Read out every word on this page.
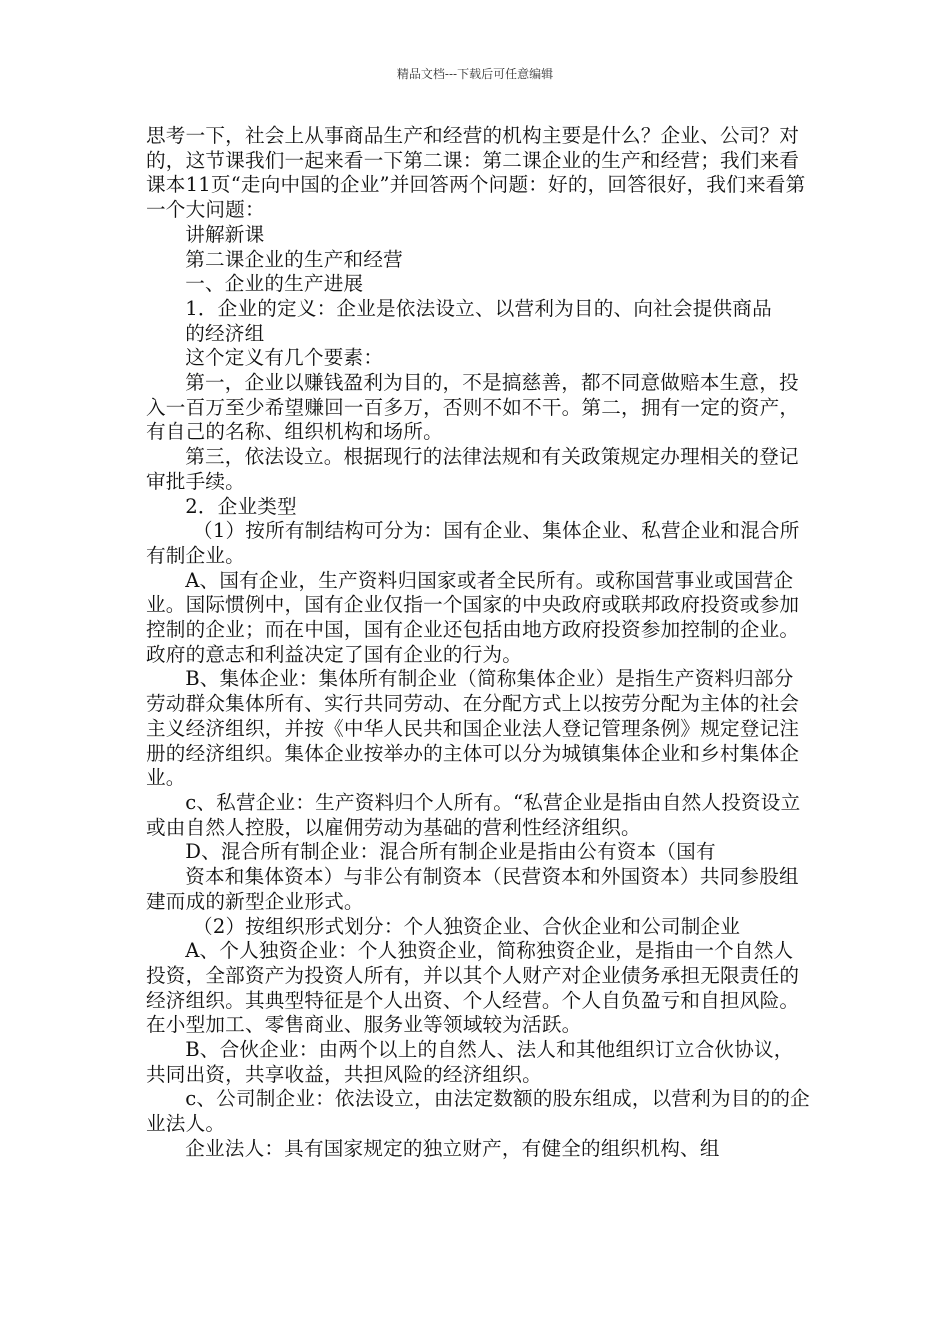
精品文档---下载后可任意编辑

思考一下，社会上从事商品生产和经营的机构主要是什么？企业、公司？对的，这节课我们一起来看一下第二课：第二课企业的生产和经营；我们来看课本11页“走向中国的企业”并回答两个问题：好的，回答很好，我们来看第一个大问题：

讲解新课

第二课企业的生产和经营

一、企业的生产进展

1．企业的定义：企业是依法设立、以营利为目的、向社会提供商品

的经济组

这个定义有几个要素：

第一，企业以赚钱盈利为目的，不是搞慈善，都不同意做赔本生意，投入一百万至少希望赚回一百多万，否则不如不干。第二，拥有一定的资产，有自己的名称、组织机构和场所。

第三，依法设立。根据现行的法律法规和有关政策规定办理相关的登记审批手续。

2．企业类型

（1）按所有制结构可分为：国有企业、集体企业、私营企业和混合所有制企业。

A、国有企业，生产资料归国家或者全民所有。或称国营事业或国营企业。国际惯例中，国有企业仅指一个国家的中央政府或联邦政府投资或参加控制的企业；而在中国，国有企业还包括由地方政府投资参加控制的企业。政府的意志和利益决定了国有企业的行为。

B、集体企业：集体所有制企业（简称集体企业）是指生产资料归部分劳动群众集体所有、实行共同劳动、在分配方式上以按劳分配为主体的社会主义经济组织，并按《中华人民共和国企业法人登记管理条例》规定登记注册的经济组织。集体企业按举办的主体可以分为城镇集体企业和乡村集体企业。

c、私营企业：生产资料归个人所有。“私营企业是指由自然人投资设立或由自然人控股，以雇佣劳动为基础的营利性经济组织。

D、混合所有制企业：混合所有制企业是指由公有资本（国有

资本和集体资本）与非公有制资本（民营资本和外国资本）共同参股组建而成的新型企业形式。

（2）按组织形式划分：个人独资企业、合伙企业和公司制企业

A、个人独资企业：个人独资企业，简称独资企业，是指由一个自然人投资，全部资产为投资人所有，并以其个人财产对企业债务承担无限责任的经济组织。其典型特征是个人出资、个人经营。个人自负盈亏和自担风险。在小型加工、零售商业、服务业等领域较为活跃。

B、合伙企业：由两个以上的自然人、法人和其他组织订立合伙协议，共同出资，共享收益，共担风险的经济组织。

c、公司制企业：依法设立，由法定数额的股东组成，以营利为目的的企业法人。

企业法人：具有国家规定的独立财产，有健全的组织机构、组
